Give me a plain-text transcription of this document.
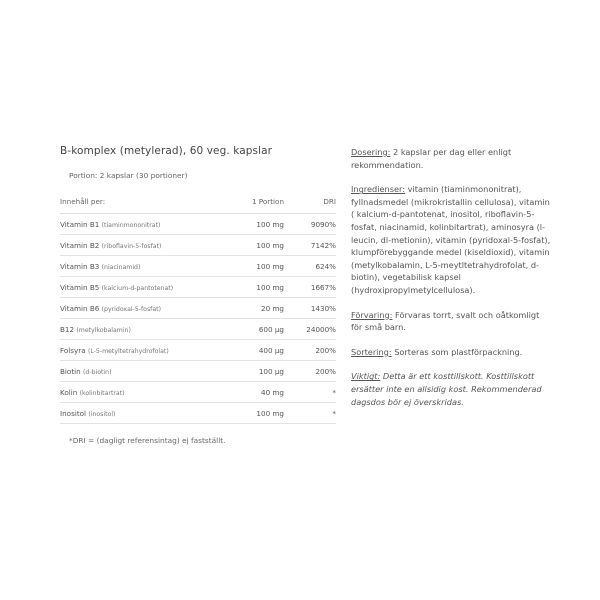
B-komplex (metylerad), 60 veg. kapslar
Portion: 2 kapslar (30 portioner)
Innehåll per:	1 Portion	DRI
Vitamin B1 (tiaminmononitrat)	100 mg	9090%
Vitamin B2 (riboflavin-5-fosfat)	100 mg	7142%
Vitamin B3 (niacinamid)	100 mg	624%
Vitamin B5 (kalcium-d-pantotenat)	100 mg	1667%
Vitamin B6 (pyridoxal-5-fosfat)	20 mg	1430%
B12 (metylkobalamin)	600 µg	24000%
Folsyra (L-5-metyltetrahydrofolat)	400 µg	200%
Biotin (d-biotin)	100 µg	200%
Kolin (kolinbitartrat)	40 mg	*
Inositol (inositol)	100 mg	*
*DRI = (dagligt referensintag) ej fastställt.

Dosering: 2 kapslar per dag eller enligt rekommendation.

Ingredienser: vitamin (tiaminmononitrat), fyllnadsmedel (mikrokristallin cellulosa), vitamin ( kalcium-d-pantotenat, inositol, riboflavin-5-fosfat, niacinamid, kolinbitartrat), aminosyra (l-leucin, dl-metionin), vitamin (pyridoxal-5-fosfat), klumpförebyggande medel (kiseldioxid), vitamin (metylkobalamin, L-5-meytltetrahydrofolat, d-biotin), vegetabilisk kapsel (hydroxipropylmetylcellulosa).

Förvaring: Förvaras torrt, svalt och oåtkomligt för små barn.

Sortering: Sorteras som plastförpackning.

Viktigt: Detta är ett kosttillskott. Kosttillskott ersätter inte en allsidig kost. Rekommenderad dagsdos bör ej överskridas.
